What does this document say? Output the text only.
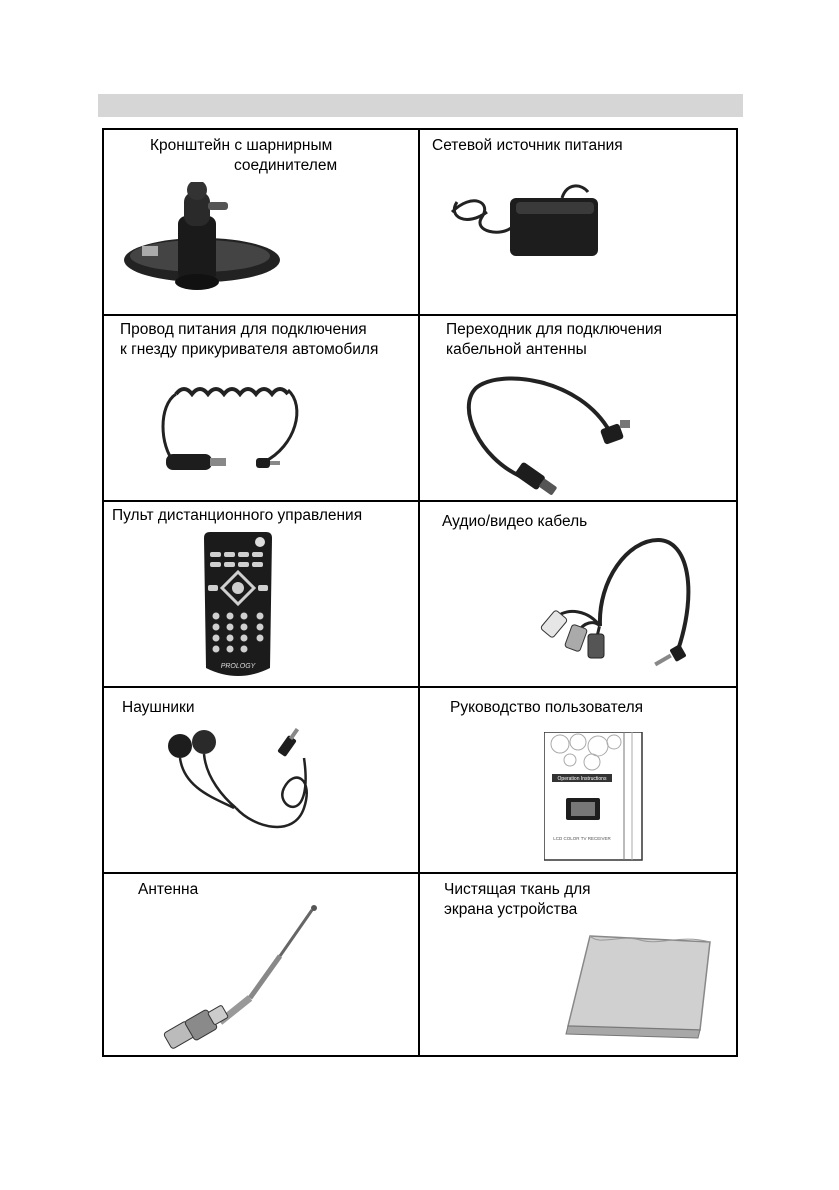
Кронштейн с шарнирным
соединителем
Сетевой источник питания
Провод питания для подключения
к гнезду прикуривателя автомобиля
Переходник для подключения
кабельной антенны
Пульт дистанционного управления
PROLOGY
Аудио/видео кабель
Наушники	Руководство пользователя
Operation Instructions
LCD COLOR TV RECEIVER
Антенна	Чистящая ткань для
экрана устройства
